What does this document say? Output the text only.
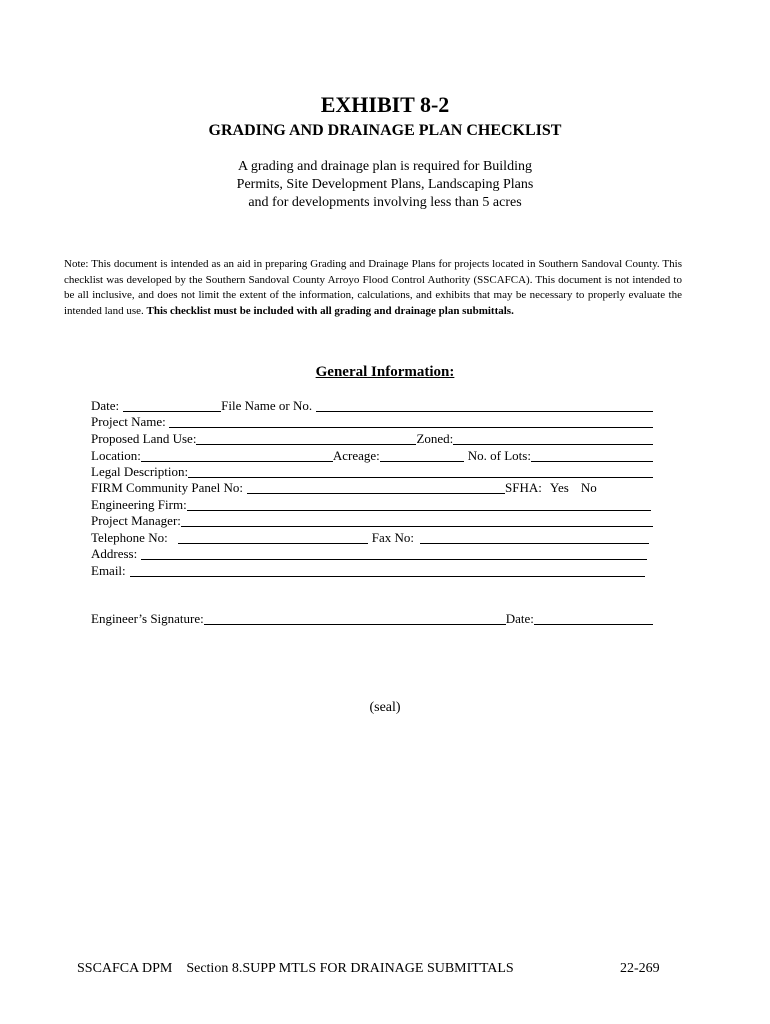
EXHIBIT 8-2
GRADING AND DRAINAGE PLAN CHECKLIST
A grading and drainage plan is required for Building
Permits, Site Development Plans, Landscaping Plans
and for developments involving less than 5 acres
Note: This document is intended as an aid in preparing Grading and Drainage Plans for projects located in Southern Sandoval County. This checklist was developed by the Southern Sandoval County Arroyo Flood Control Authority (SSCAFCA). This document is not intended to be all inclusive, and does not limit the extent of the information, calculations, and exhibits that may be necessary to properly evaluate the intended land use. This checklist must be included with all grading and drainage plan submittals.
General Information:
Date:	File Name or No.
Project Name:
Proposed Land Use:	Zoned:
Location:	Acreage:	No. of Lots:
Legal Description:
FIRM Community Panel No:	SFHA: Yes No
Engineering Firm:
Project Manager:
Telephone No:	Fax No:
Address:
Email:
Engineer’s Signature:	Date:
(seal)
SSCAFCA DPM    Section 8.SUPP MTLS FOR DRAINAGE SUBMITTALS	22-269
